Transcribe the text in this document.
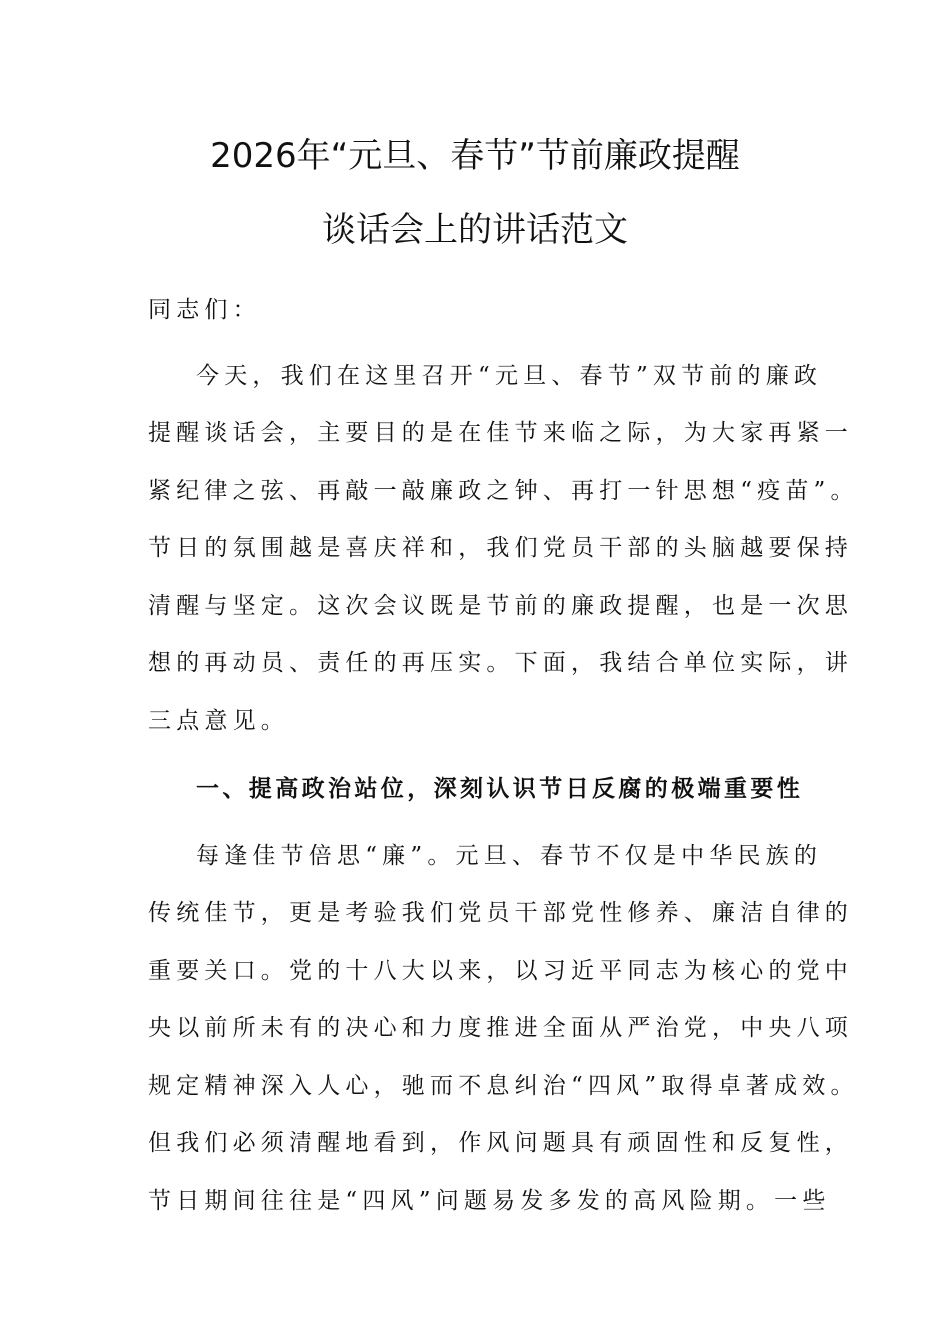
2026年“元旦、春节”节前廉政提醒
谈话会上的讲话范文
同志们：
今天，我们在这里召开“元旦、春节”双节前的廉政
提醒谈话会，主要目的是在佳节来临之际，为大家再紧一
紧纪律之弦、再敲一敲廉政之钟、再打一针思想“疫苗”。
节日的氛围越是喜庆祥和，我们党员干部的头脑越要保持
清醒与坚定。这次会议既是节前的廉政提醒，也是一次思
想的再动员、责任的再压实。下面，我结合单位实际，讲
三点意见。
一、提高政治站位，深刻认识节日反腐的极端重要性
每逢佳节倍思“廉”。元旦、春节不仅是中华民族的
传统佳节，更是考验我们党员干部党性修养、廉洁自律的
重要关口。党的十八大以来，以习近平同志为核心的党中
央以前所未有的决心和力度推进全面从严治党，中央八项
规定精神深入人心，驰而不息纠治“四风”取得卓著成效。
但我们必须清醒地看到，作风问题具有顽固性和反复性，
节日期间往往是“四风”问题易发多发的高风险期。一些
